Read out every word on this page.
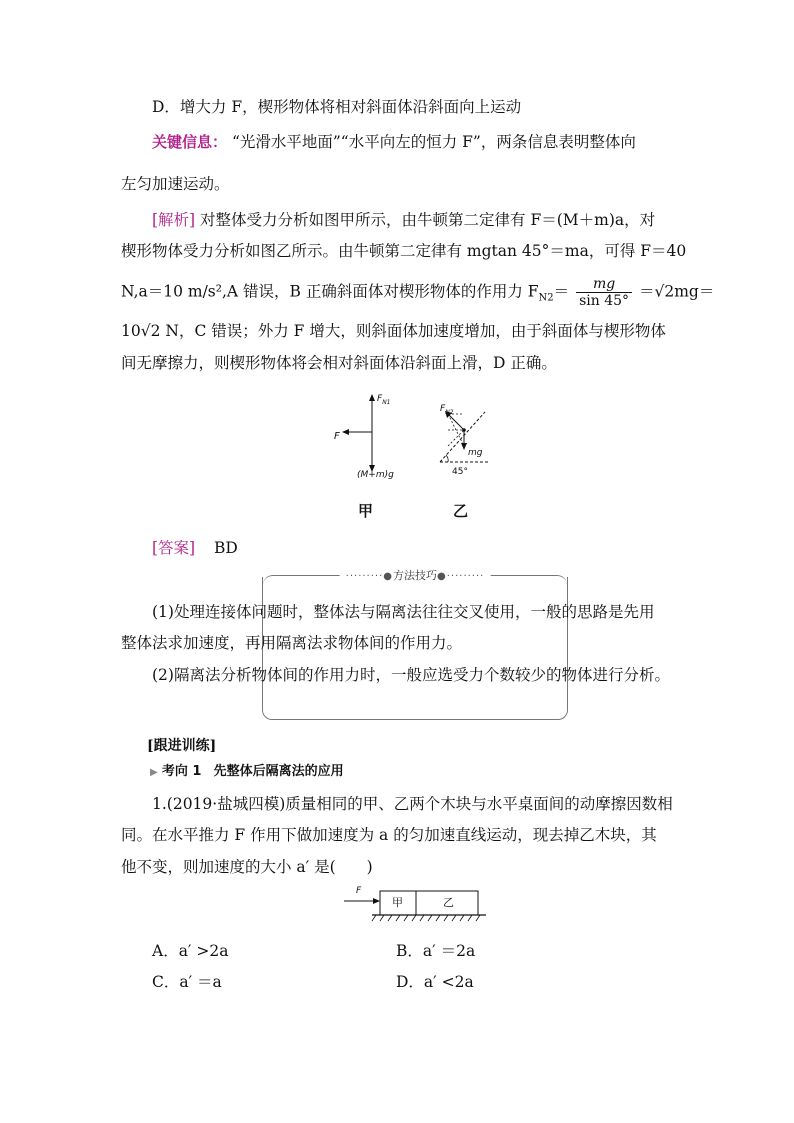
D．增大力 F，楔形物体将相对斜面体沿斜面向上运动
关键信息： “光滑水平地面”“水平向左的恒力 F”，两条信息表明整体向
左匀加速运动。
[解析] 对整体受力分析如图甲所示，由牛顿第二定律有 F＝(M＋m)a，对
楔形物体受力分析如图乙所示。由牛顿第二定律有 mgtan 45°＝ma，可得 F＝40
N,a＝10 m/s²,A 错误，B 正确斜面体对楔形物体的作用力 $F_{N2}= \frac{mg}{\sin 45^\circ} =√2mg=$
10√2 N，C 错误；外力 F 增大，则斜面体加速度增加，由于斜面体与楔形物体
间无摩擦力，则楔形物体将会相对斜面体沿斜面上滑，D 正确。
$F_{N1}$
F
(M+m)g
甲
$F_{N2}$
mg
45°
乙
[答案] BD
·········●方法技巧●·········
(1)处理连接体问题时，整体法与隔离法往往交叉使用，一般的思路是先用
整体法求加速度，再用隔离法求物体间的作用力。
(2)隔离法分析物体间的作用力时，一般应选受力个数较少的物体进行分析。
[跟进训练]
▶ 考向 1 先整体后隔离法的应用
1.(2019·盐城四模)质量相同的甲、乙两个木块与水平桌面间的动摩擦因数相
同。在水平推力 F 作用下做加速度为 a 的匀加速直线运动，现去掉乙木块，其
他不变，则加速度的大小 a′ 是(　　)
F
甲	乙
A．a′ >2a	B．a′ ＝2a
C．a′ ＝a	D．a′ <2a
